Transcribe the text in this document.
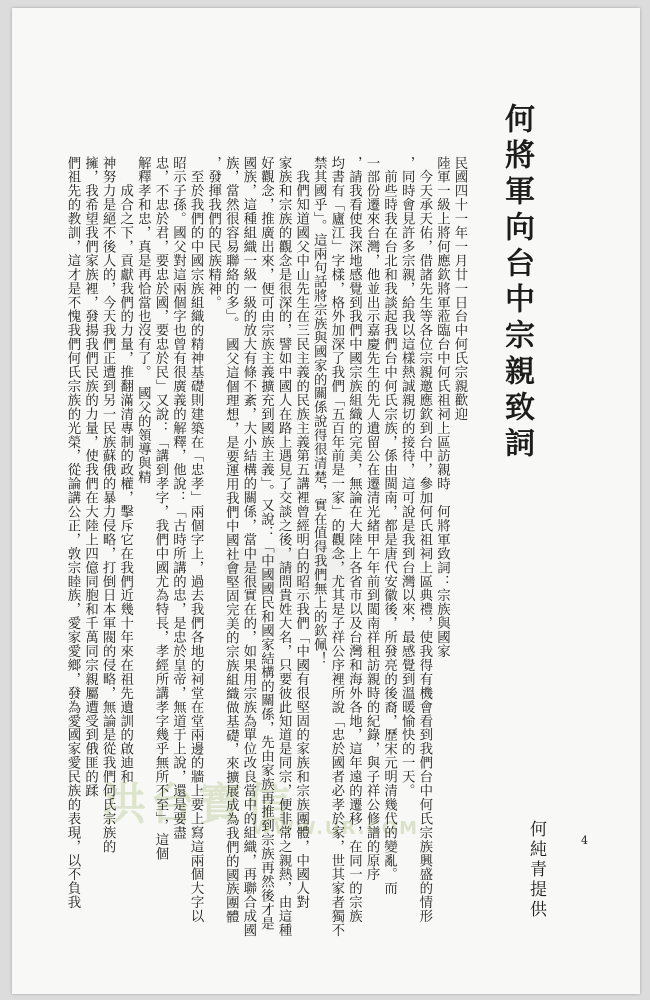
洪台寶信
WWW.UR.COM
何將軍向台中宗親致詞
何純青提供	4
民國四十一年一月廿一日台中何氏宗親歡迎
陸軍一級上將何應欽將軍蒞臨台中何氏祖祠上區訪親時　何將軍致詞：宗族與國家
　今天承天佑，借諸先生等各位宗親邀應欽到台中，參加何氏祖祠上區典禮，使我得有機會看到我們台中何氏宗族興盛的情形
，同時會見許多宗親，給我以這樣熱誠親切的接待，這可說是我到台灣以來，最感覺到溫暖愉快的一天。
　前些時我在台北和我談起我們台中何氏宗族，係由閩南，都是唐代安徽後，所發亮的後裔，歷宋元明清幾代的變亂。而
一部份遷來台灣，他並出示嘉慶先生的先人遺留公在遷清光緒甲午年前到閩南祥租訪親時的紀錄，與子祥公修譜的原序
，請我看使我深地感覺到我們中國宗族組織的完美，無論在大陸上各省市以及台灣和海外各地，這年遠的遷移，在同一的宗族
均書有「廬江」字樣，格外加深了我們「五百年前是一家」的觀念，尤其是子祥公序裡所說「忠於國者必孝於家，世其家者獨不
禁其國乎」。這兩句話將宗族與國家的關係說得很清楚，實在值得我們無上的欽佩！
　我們知道國父中山先生在三民主義的民族主義第五講裡曾經明白的昭示我們「中國有很堅固的家族和宗族團體，中國人對
家族和宗族的觀念是很深的，譬如中國人在路上遇見了交談之後，請問貴姓大名，只要彼此知道是同宗，便非常之親熱，由這種
好觀念，推廣出來，便可由宗族主義擴充到國族主義」。又說：「中國國民和國家結構的關係，先由家族再推到宗族再然後才是
國族，這種組織一級一級的放大有條不紊，大小結構的關係，當中是很實在的，如果用宗族為單位改良當中的組織，再聯合成國
族，當然很容易聯絡的多」。　國父這個理想，是要運用我們中國社會堅固完美的宗族組織做基礎，來擴展成為我們的國族團體
，發揮我們的民族精神。
　至於我們的中國宗族組織的精神基礎則建築在「忠孝」兩個字上，過去我們各地的祠堂在堂兩邊的牆上要上寫這兩個大字以
昭示子孫。國父對這兩個字也曾有很廣義的解釋，他說：「古時所講的忠，是忠於皇帝，無道于上說，還是要盡
忠，不忠於君，要忠於國，要忠於民」又說：「講到孝字，我們中國尤為特長，孝經所講孝字幾乎無所不至」，這個
解釋孝和忠，真是再恰當也沒有了。　國父的領導與精
　　成合之下，貢獻我們的力量，推翻滿清專制的政權，擊斥它在我們近幾十年來在祖先遺訓的啟迪和
神努力是絕不後人的，今天我們正遭到另一民族蘇俄的暴力侵略，打倒日本軍閥的侵略，無論是從我們何氏宗族的
擁，我希望我們家族裡，發揚我們民族的力量，使我們在大陸上四億同胞和千萬同宗親屬遭受到俄匪的蹂
們祖先的教訓，這才是不愧我們何氏宗族的光榮，從論講公正，敦宗睦族，愛家愛鄉，發為愛國家愛民族的表現，以不負我
